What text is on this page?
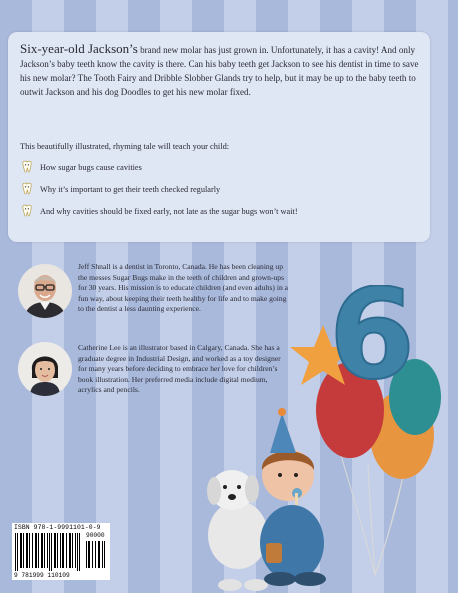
Six-year-old Jackson’s brand new molar has just grown in. Unfortunately, it has a cavity! And only Jackson’s baby teeth know the cavity is there. Can his baby teeth get Jackson to see his dentist in time to save his new molar? The Tooth Fairy and Dribble Slobber Glands try to help, but it may be up to the baby teeth to outwit Jackson and his dog Doodles to get his new molar fixed.

This beautifully illustrated, rhyming tale will teach your child:

How sugar bugs cause cavities
Why it’s important to get their teeth checked regularly
And why cavities should be fixed early, not late as the sugar bugs won’t wait!

Jeff Shnall is a dentist in Toronto, Canada. He has been cleaning up the messes Sugar Bugs make in the teeth of children and grown-ups for 30 years. His mission is to educate children (and even adults) in a fun way, about keeping their teeth healthy for life and to make going to the dentist a less daunting experience.

Catherine Lee is an illustrator based in Calgary, Canada. She has a graduate degree in Industrial Design, and worked as a toy designer for many years before deciding to embrace her love for children’s book illustration. Her preferred media include digital medium, acrylics and pencils.	6
ISBN 978-1-9991101-0-9
90000
9 781999 110109
